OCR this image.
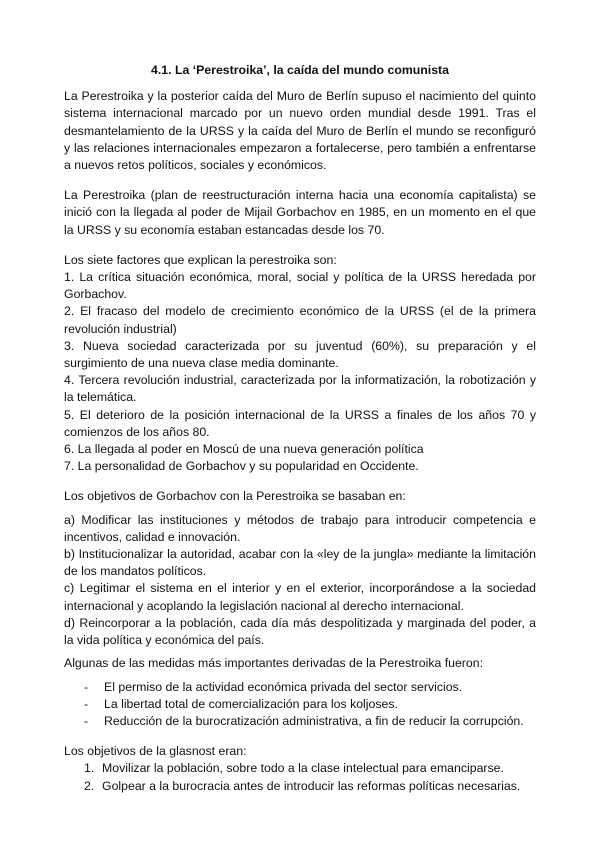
4.1. La ‘Perestroika’, la caída del mundo comunista

La Perestroika y la posterior caída del Muro de Berlín supuso el nacimiento del quinto sistema internacional marcado por un nuevo orden mundial desde 1991. Tras el desmantelamiento de la URSS y la caída del Muro de Berlín el mundo se reconfiguró y las relaciones internacionales empezaron a fortalecerse, pero también a enfrentarse a nuevos retos políticos, sociales y económicos.

La Perestroika (plan de reestructuración interna hacia una economía capitalista) se inició con la llegada al poder de Mijail Gorbachov en 1985, en un momento en el que la URSS y su economía estaban estancadas desde los 70.

Los siete factores que explican la perestroika son:

1. La crítica situación económica, moral, social y política de la URSS heredada por Gorbachov.

2. El fracaso del modelo de crecimiento económico de la URSS (el de la primera revolución industrial)

3. Nueva sociedad caracterizada por su juventud (60%), su preparación y el surgimiento de una nueva clase media dominante.

4. Tercera revolución industrial, caracterizada por la informatización, la robotización y la telemática.

5. El deterioro de la posición internacional de la URSS a finales de los años 70 y comienzos de los años 80.

6. La llegada al poder en Moscú de una nueva generación política

7. La personalidad de Gorbachov y su popularidad en Occidente.

Los objetivos de Gorbachov con la Perestroika se basaban en:

a) Modificar las instituciones y métodos de trabajo para introducir competencia e incentivos, calidad e innovación.

b) Institucionalizar la autoridad, acabar con la «ley de la jungla» mediante la limitación de los mandatos políticos.

c) Legitimar el sistema en el interior y en el exterior, incorporándose a la sociedad internacional y acoplando la legislación nacional al derecho internacional.

d) Reincorporar a la población, cada día más despolitizada y marginada del poder, a la vida política y económica del país.

Algunas de las medidas más importantes derivadas de la Perestroika fueron:

- El permiso de la actividad económica privada del sector servicios.
- La libertad total de comercialización para los koljoses.
- Reducción de la burocratización administrativa, a fin de reducir la corrupción.

Los objetivos de la glasnost eran:

1. Movilizar la población, sobre todo a la clase intelectual para emanciparse.
2. Golpear a la burocracia antes de introducir las reformas políticas necesarias.
